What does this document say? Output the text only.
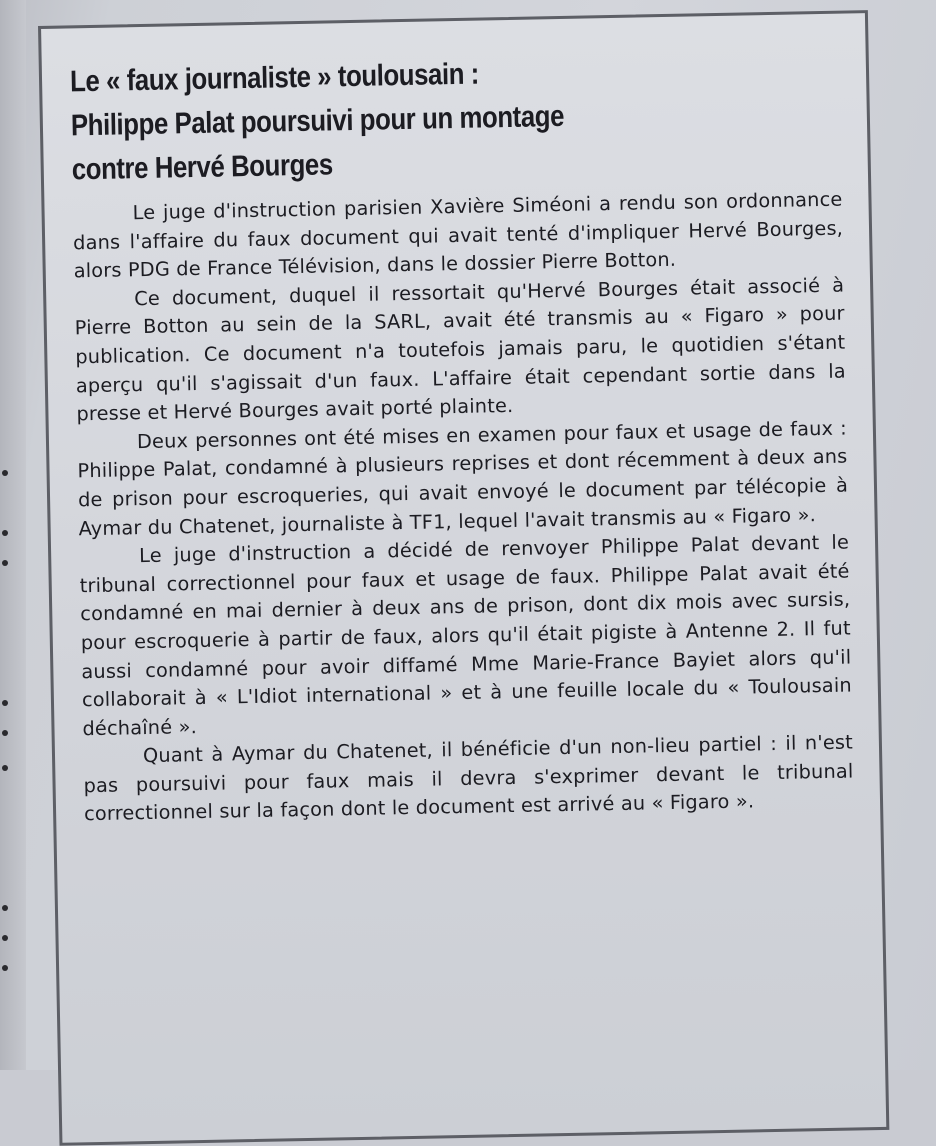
Le « faux journaliste » toulousain :
Philippe Palat poursuivi pour un montage
contre Hervé Bourges

Le juge d'instruction parisien Xavière Siméoni a rendu son ordonnance dans l'affaire du faux document qui avait tenté d'impliquer Hervé Bourges, alors PDG de France Télévision, dans le dossier Pierre Botton.

Ce document, duquel il ressortait qu'Hervé Bourges était associé à Pierre Botton au sein de la SARL, avait été transmis au « Figaro » pour publication. Ce document n'a toutefois jamais paru, le quotidien s'étant aperçu qu'il s'agissait d'un faux. L'affaire était cependant sortie dans la presse et Hervé Bourges avait porté plainte.

Deux personnes ont été mises en examen pour faux et usage de faux : Philippe Palat, condamné à plusieurs reprises et dont récemment à deux ans de prison pour escroqueries, qui avait envoyé le document par télécopie à Aymar du Chatenet, journaliste à TF1, lequel l'avait transmis au « Figaro ».

Le juge d'instruction a décidé de renvoyer Philippe Palat devant le tribunal correctionnel pour faux et usage de faux. Philippe Palat avait été condamné en mai dernier à deux ans de prison, dont dix mois avec sursis, pour escroquerie à partir de faux, alors qu'il était pigiste à Antenne 2. Il fut aussi condamné pour avoir diffamé Mme Marie-France Bayiet alors qu'il collaborait à « L'Idiot international » et à une feuille locale du « Toulousain déchaîné ».

Quant à Aymar du Chatenet, il bénéficie d'un non-lieu partiel : il n'est pas poursuivi pour faux mais il devra s'exprimer devant le tribunal correctionnel sur la façon dont le document est arrivé au « Figaro ».
